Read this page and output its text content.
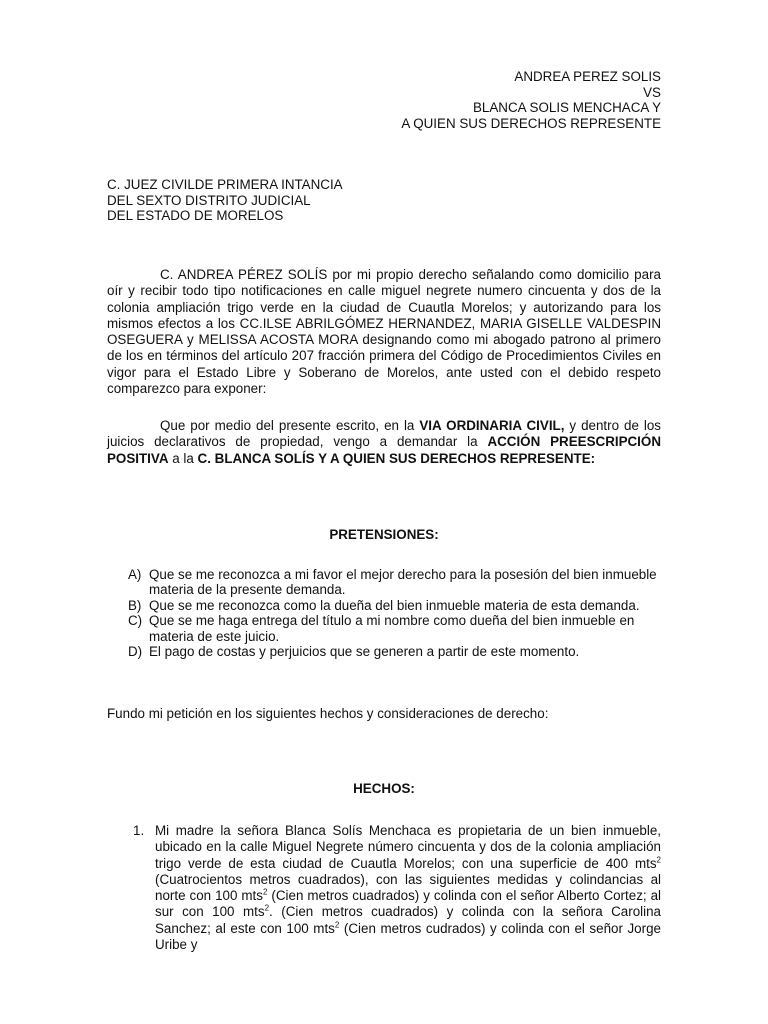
ANDREA PEREZ SOLIS
VS
BLANCA SOLIS MENCHACA Y
A QUIEN SUS DERECHOS REPRESENTE
C. JUEZ CIVILDE PRIMERA INTANCIA
DEL SEXTO DISTRITO JUDICIAL
DEL ESTADO DE MORELOS
C. ANDREA PÉREZ SOLÍS por mi propio derecho señalando como domicilio para oír y recibir todo tipo notificaciones en calle miguel negrete numero cincuenta y dos de la colonia ampliación trigo verde en la ciudad de Cuautla Morelos; y autorizando para los mismos efectos a los CC.ILSE ABRILGÓMEZ HERNANDEZ, MARIA GISELLE VALDESPIN OSEGUERA y MELISSA ACOSTA MORA designando como mi abogado patrono al primero de los en términos del artículo 207 fracción primera del Código de Procedimientos Civiles en vigor para el Estado Libre y Soberano de Morelos, ante usted con el debido respeto comparezco para exponer:
Que por medio del presente escrito, en la VIA ORDINARIA CIVIL, y dentro de los juicios declarativos de propiedad, vengo a demandar la ACCIÓN PREESCRIPCIÓN POSITIVA a la C. BLANCA SOLÍS Y A QUIEN SUS DERECHOS REPRESENTE:
PRETENSIONES:
A) Que se me reconozca a mi favor el mejor derecho para la posesión del bien inmueble materia de la presente demanda.
B) Que se me reconozca como la dueña del bien inmueble materia de esta demanda.
C) Que se me haga entrega del título a mi nombre como dueña del bien inmueble en materia de este juicio.
D) El pago de costas y perjuicios que se generen a partir de este momento.
Fundo mi petición en los siguientes hechos y consideraciones de derecho:
HECHOS:
1. Mi madre la señora Blanca Solís Menchaca es propietaria de un bien inmueble, ubicado en la calle Miguel Negrete número cincuenta y dos de la colonia ampliación trigo verde de esta ciudad de Cuautla Morelos; con una superficie de 400 mts$^2$ (Cuatrocientos metros cuadrados), con las siguientes medidas y colindancias al norte con 100 mts$^2$ (Cien metros cuadrados) y colinda con el señor Alberto Cortez; al sur con 100 mts$^2$. (Cien metros cuadrados) y colinda con la señora Carolina Sanchez; al este con 100 mts$^2$ (Cien metros cudrados) y colinda con el señor Jorge Uribe y
